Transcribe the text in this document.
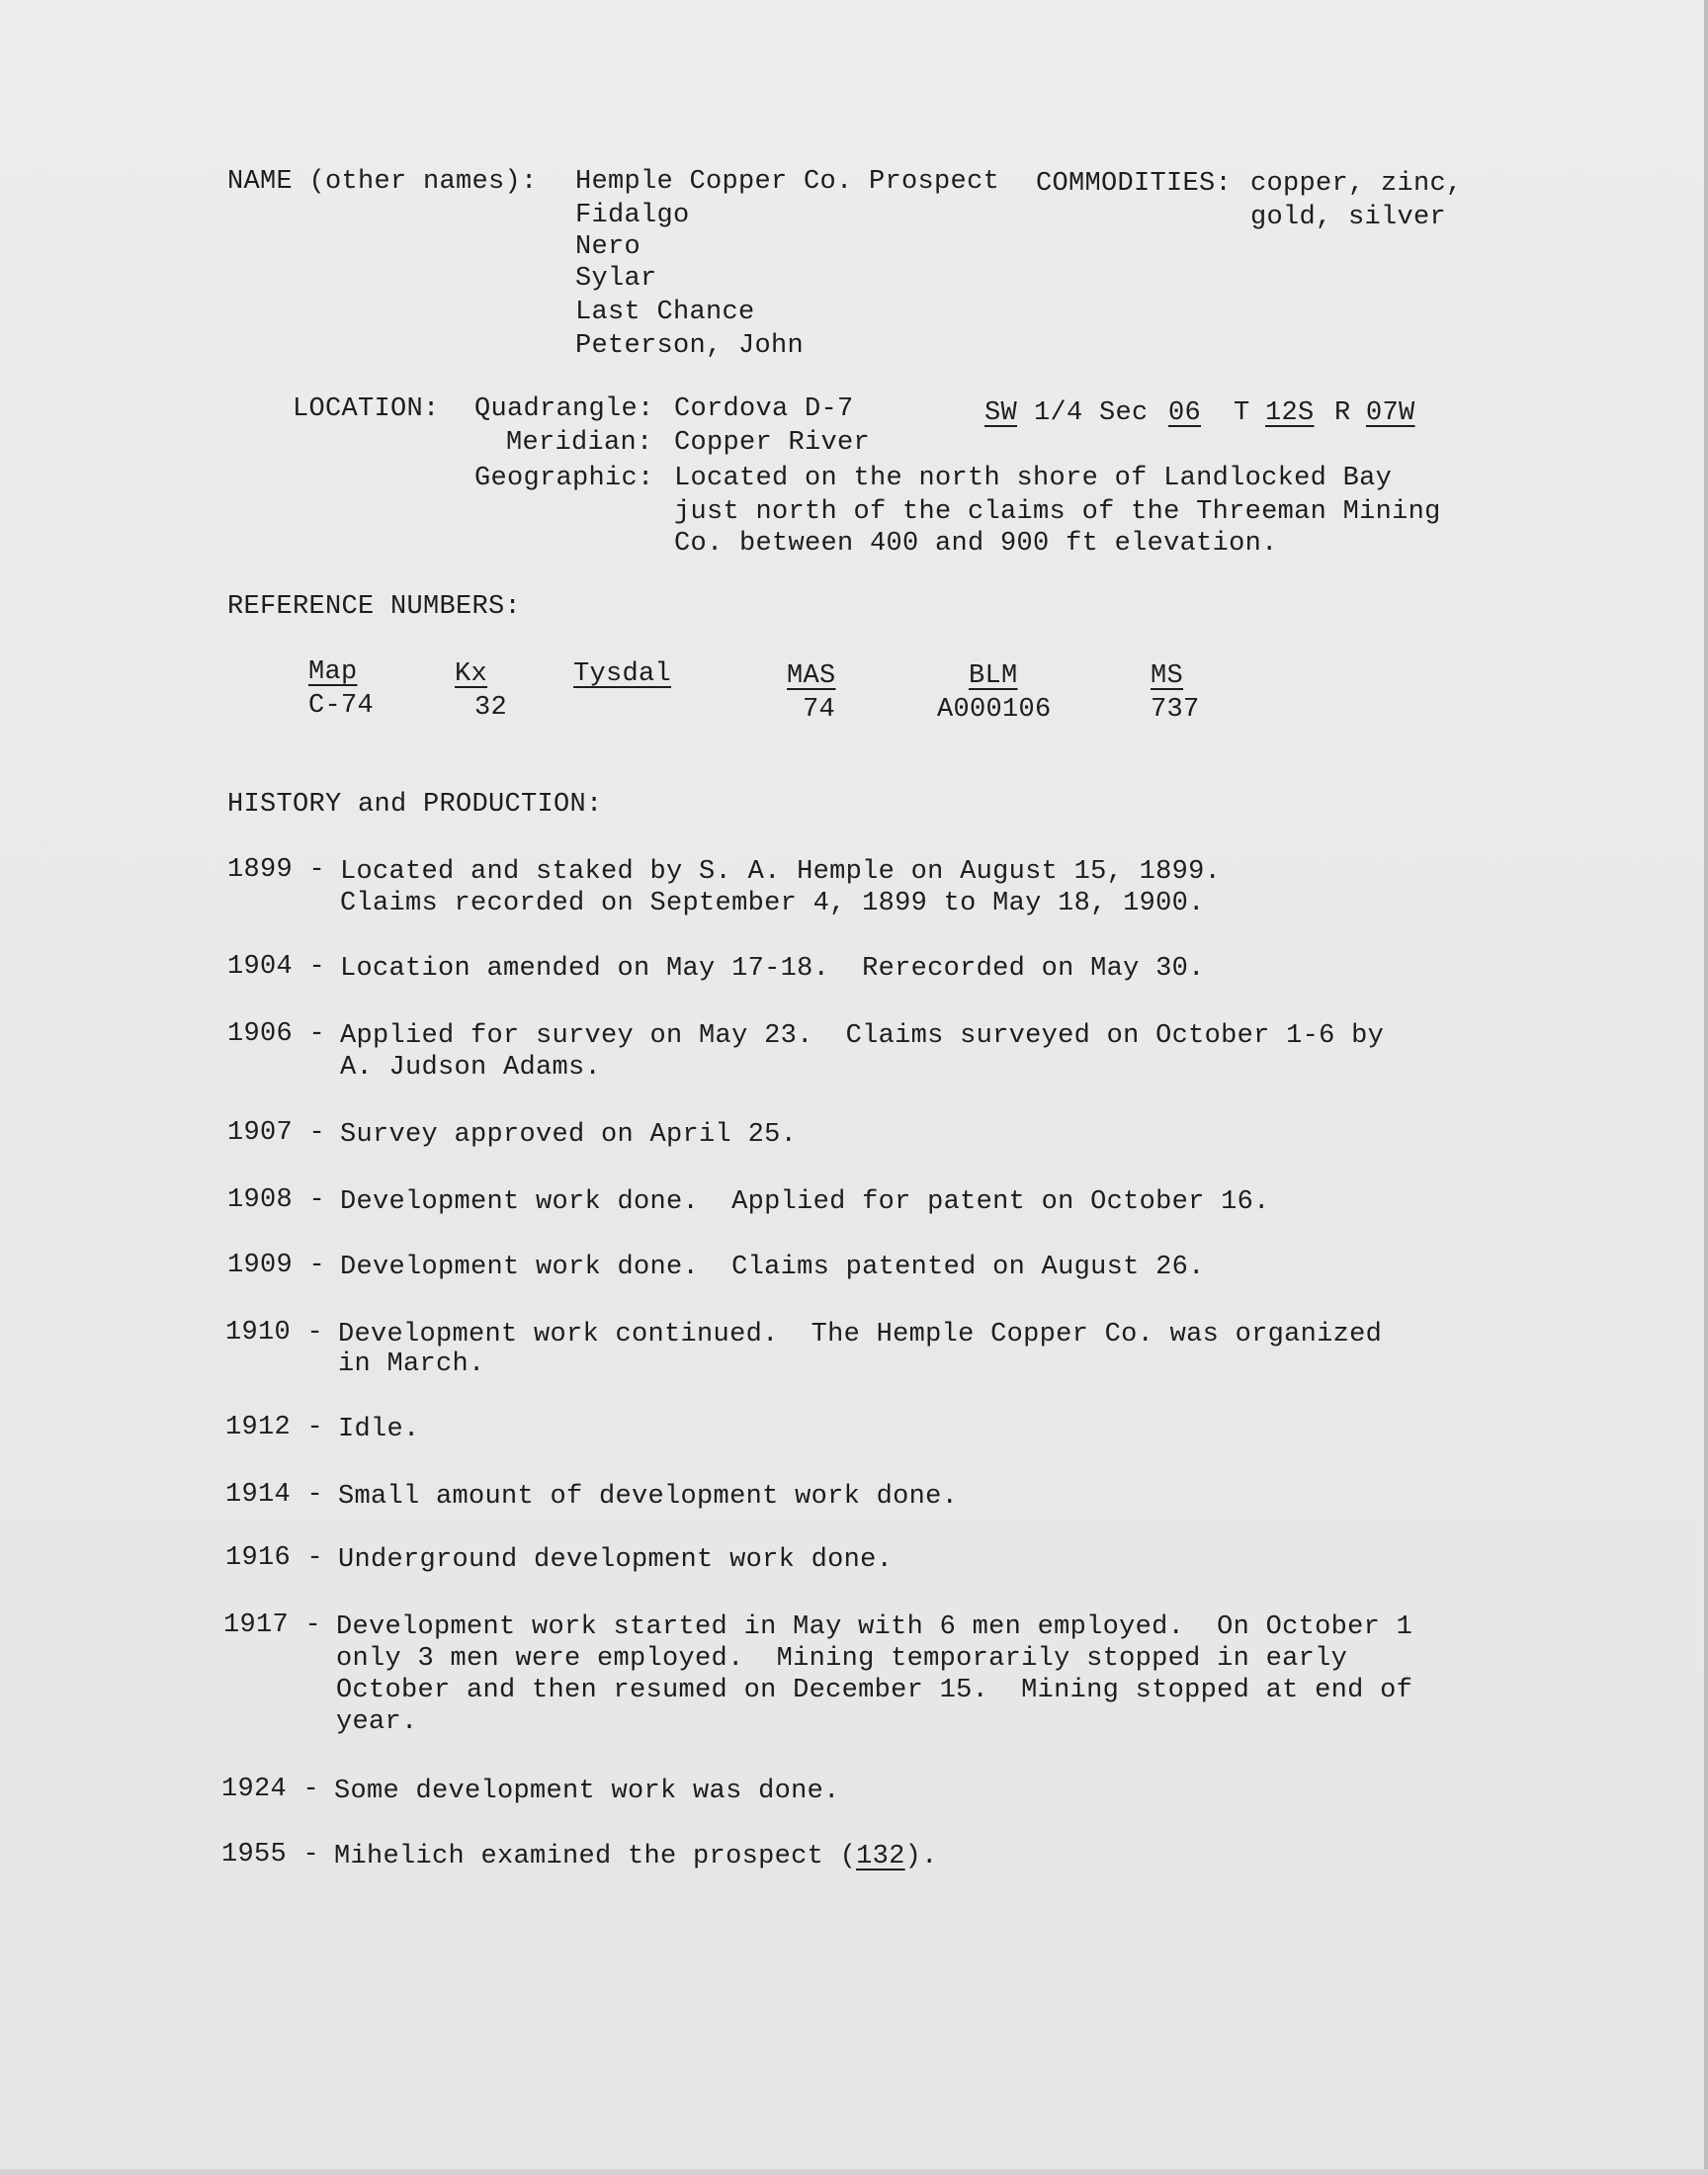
NAME (other names): Hemple Copper Co. Prospect
Fidalgo
Nero
Sylar
Last Chance
Peterson, John
COMMODITIES: copper, zinc,
gold, silver
LOCATION: Quadrangle: Cordova D-7	SW 1/4 Sec 06 T 12S R 07W
Meridian: Copper River
Geographic: Located on the north shore of Landlocked Bay
just north of the claims of the Threeman Mining
Co. between 400 and 900 ft elevation.
REFERENCE NUMBERS:
Map
C-74
Kx
32
Tysdal	MAS
74
BLM
A000106
MS
737
HISTORY and PRODUCTION:
1899 - Located and staked by S. A. Hemple on August 15, 1899.
Claims recorded on September 4, 1899 to May 18, 1900.
1904 - Location amended on May 17-18.  Rerecorded on May 30.
1906 - Applied for survey on May 23.  Claims surveyed on October 1-6 by
A. Judson Adams.
1907 - Survey approved on April 25.
1908 - Development work done.  Applied for patent on October 16.
1909 - Development work done.  Claims patented on August 26.
1910 - Development work continued.  The Hemple Copper Co. was organized
in March.
1912 - Idle.
1914 - Small amount of development work done.
1916 - Underground development work done.
1917 - Development work started in May with 6 men employed.  On October 1
only 3 men were employed.  Mining temporarily stopped in early
October and then resumed on December 15.  Mining stopped at end of
year.
1924 - Some development work was done.
1955 - Mihelich examined the prospect (132).
